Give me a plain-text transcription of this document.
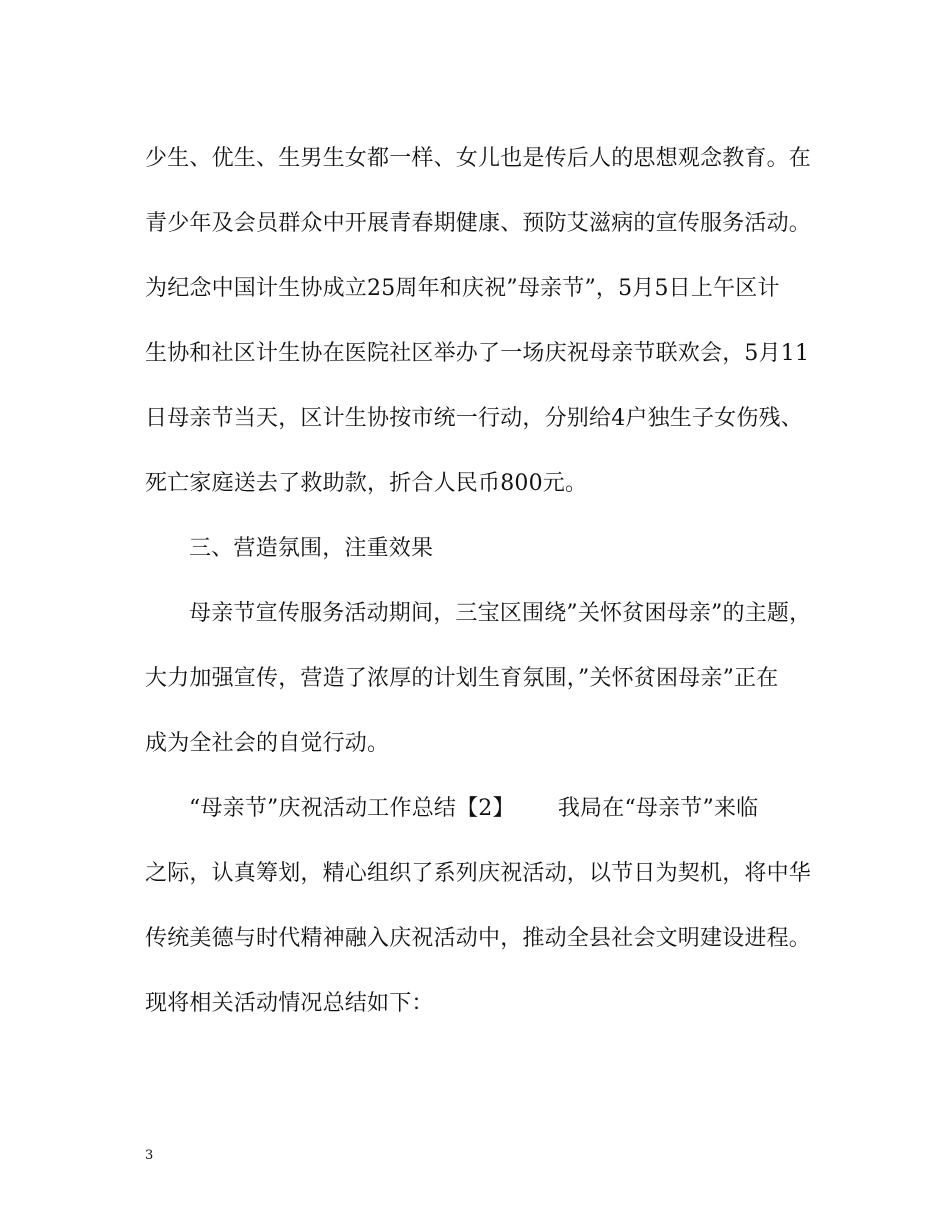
少生、优生、生男生女都一样、女儿也是传后人的思想观念教育。在
青少年及会员群众中开展青春期健康、预防艾滋病的宣传服务活动。
为纪念中国计生协成立25周年和庆祝”母亲节”，5月5日上午区计
生协和社区计生协在医院社区举办了一场庆祝母亲节联欢会，5月11
日母亲节当天，区计生协按市统一行动，分别给4户独生子女伤残、
死亡家庭送去了救助款，折合人民币800元。
三、营造氛围，注重效果
母亲节宣传服务活动期间，三宝区围绕”关怀贫困母亲”的主题，
大力加强宣传，营造了浓厚的计划生育氛围，”关怀贫困母亲”正在
成为全社会的自觉行动。
“母亲节”庆祝活动工作总结【2】      我局在“母亲节”来临
之际，认真筹划，精心组织了系列庆祝活动，以节日为契机，将中华
传统美德与时代精神融入庆祝活动中，推动全县社会文明建设进程。
现将相关活动情况总结如下：
3
